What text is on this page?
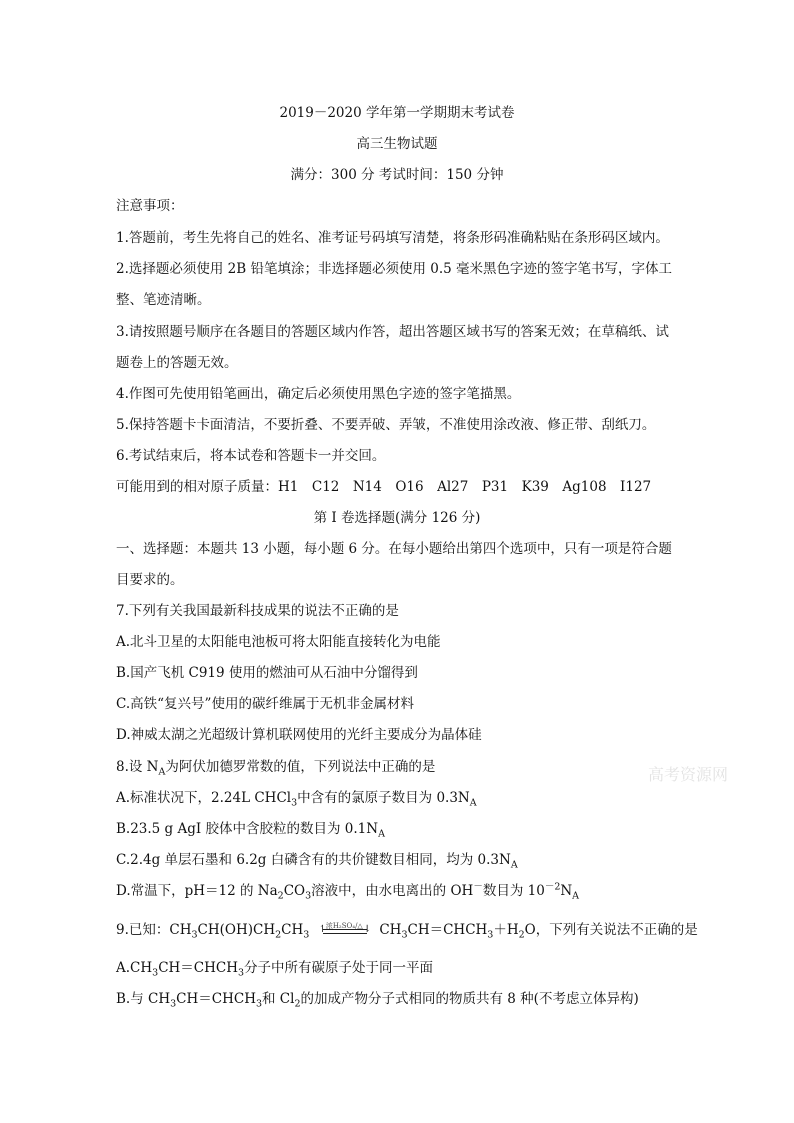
2019－2020 学年第一学期期末考试卷
高三生物试题
满分：300 分 考试时间：150 分钟
注意事项：
1.答题前，考生先将自己的姓名、准考证号码填写清楚，将条形码准确粘贴在条形码区域内。
2.选择题必须使用 2B 铅笔填涂；非选择题必须使用 0.5 毫米黑色字迹的签字笔书写，字体工
整、笔迹清晰。
3.请按照题号顺序在各题目的答题区域内作答，超出答题区域书写的答案无效；在草稿纸、试
题卷上的答题无效。
4.作图可先使用铅笔画出，确定后必须使用黑色字迹的签字笔描黑。
5.保持答题卡卡面清洁，不要折叠、不要弄破、弄皱，不准使用涂改液、修正带、刮纸刀。
6.考试结束后，将本试卷和答题卡一并交回。
可能用到的相对原子质量：H1　C12　N14　O16　Al27　P31　K39　Ag108　I127
第 I 卷选择题(满分 126 分)
一、选择题：本题共 13 小题，每小题 6 分。在每小题给出第四个选项中，只有一项是符合题
目要求的。
7.下列有关我国最新科技成果的说法不正确的是
A.北斗卫星的太阳能电池板可将太阳能直接转化为电能
B.国产飞机 C919 使用的燃油可从石油中分馏得到
C.高铁“复兴号”使用的碳纤维属于无机非金属材料
D.神威太湖之光超级计算机联网使用的光纤主要成分为晶体硅
8.设 $N_A$为阿伏加德罗常数的值，下列说法中正确的是
A.标准状况下，2.24L CHCl$_3$中含有的氯原子数目为 $0.3N_A$
B.23.5 g AgI 胶体中含胶粒的数目为 $0.1N_A$
C.2.4g 单层石墨和 6.2g 白磷含有的共价键数目相同，均为 $0.3N_A$
D.常温下，pH＝12 的 $Na_2CO_3$溶液中，由水电离出的 OH－数目为 $10^{-2}N_A$
9.已知：$CH_3CH(OH)CH_2CH_3$
浓H₂SO₄/△
↿	⇂ $CH_3CH=CHCH_3+H_2O$，下列有关说法不正确的是
$A.CH_3CH=CHCH_3$分子中所有碳原子处于同一平面
B.与 $CH_3CH=CHCH_3$和 $Cl_2$的加成产物分子式相同的物质共有 8 种(不考虑立体异构)
高考资源网
